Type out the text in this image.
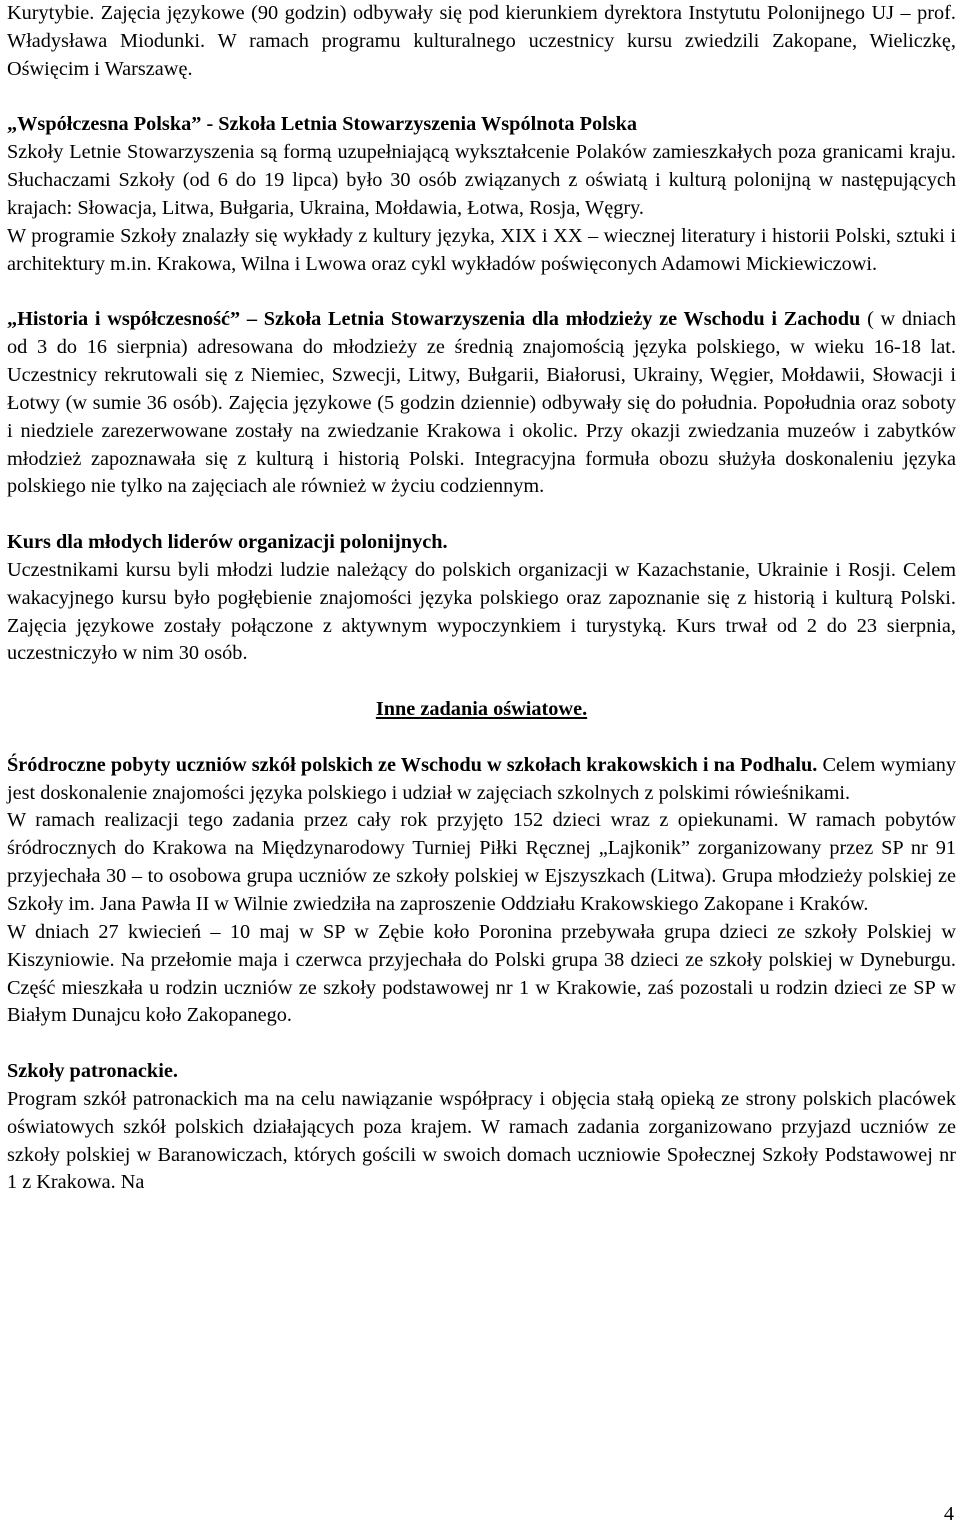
Kurytybie. Zajęcia językowe (90 godzin) odbywały się pod kierunkiem dyrektora Instytutu Polonijnego UJ – prof. Władysława Miodunki. W ramach programu kulturalnego uczestnicy kursu zwiedzili Zakopane, Wieliczkę, Oświęcim i Warszawę.

„Współczesna Polska” - Szkoła Letnia Stowarzyszenia Wspólnota Polska

Szkoły Letnie Stowarzyszenia są formą uzupełniającą wykształcenie Polaków zamieszkałych poza granicami kraju. Słuchaczami Szkoły (od 6 do 19 lipca) było 30 osób związanych z oświatą i kulturą polonijną w następujących krajach: Słowacja, Litwa, Bułgaria, Ukraina, Mołdawia, Łotwa, Rosja, Węgry.

W programie Szkoły znalazły się wykłady z kultury języka, XIX i XX – wiecznej literatury i historii Polski, sztuki i architektury m.in. Krakowa, Wilna i Lwowa oraz cykl wykładów poświęconych Adamowi Mickiewiczowi.

„Historia i współczesność” – Szkoła Letnia Stowarzyszenia dla młodzieży ze Wschodu i Zachodu ( w dniach od 3 do 16 sierpnia) adresowana do młodzieży ze średnią znajomością języka polskiego, w wieku 16-18 lat. Uczestnicy rekrutowali się z Niemiec, Szwecji, Litwy, Bułgarii, Białorusi, Ukrainy, Węgier, Mołdawii, Słowacji i Łotwy (w sumie 36 osób). Zajęcia językowe (5 godzin dziennie) odbywały się do południa. Popołudnia oraz soboty i niedziele zarezerwowane zostały na zwiedzanie Krakowa i okolic. Przy okazji zwiedzania muzeów i zabytków młodzież zapoznawała się z kulturą i historią Polski. Integracyjna formuła obozu służyła doskonaleniu języka polskiego nie tylko na zajęciach ale również w życiu codziennym.

Kurs dla młodych liderów organizacji polonijnych.

Uczestnikami kursu byli młodzi ludzie należący do polskich organizacji w Kazachstanie, Ukrainie i Rosji. Celem wakacyjnego kursu było pogłębienie znajomości języka polskiego oraz zapoznanie się z historią i kulturą Polski. Zajęcia językowe zostały połączone z aktywnym wypoczynkiem i turystyką. Kurs trwał od 2 do 23 sierpnia, uczestniczyło w nim 30 osób.

Inne zadania oświatowe.

Śródroczne pobyty uczniów szkół polskich ze Wschodu w szkołach krakowskich i na Podhalu. Celem wymiany jest doskonalenie znajomości języka polskiego i udział w zajęciach szkolnych z polskimi rówieśnikami.

W ramach realizacji tego zadania przez cały rok przyjęto 152 dzieci wraz z opiekunami. W ramach pobytów śródrocznych do Krakowa na Międzynarodowy Turniej Piłki Ręcznej „Lajkonik” zorganizowany przez SP nr 91 przyjechała 30 – to osobowa grupa uczniów ze szkoły polskiej w Ejszyszkach (Litwa). Grupa młodzieży polskiej ze Szkoły im. Jana Pawła II w Wilnie zwiedziła na zaproszenie Oddziału Krakowskiego Zakopane i Kraków.

W dniach 27 kwiecień – 10 maj w SP w Zębie koło Poronina przebywała grupa dzieci ze szkoły Polskiej w Kiszyniowie. Na przełomie maja i czerwca przyjechała do Polski grupa 38 dzieci ze szkoły polskiej w Dyneburgu. Część mieszkała u rodzin uczniów ze szkoły podstawowej nr 1 w Krakowie, zaś pozostali u rodzin dzieci ze SP w Białym Dunajcu koło Zakopanego.

Szkoły patronackie.

Program szkół patronackich ma na celu nawiązanie współpracy i objęcia stałą opieką ze strony polskich placówek oświatowych szkół polskich działających poza krajem. W ramach zadania zorganizowano przyjazd uczniów ze szkoły polskiej w Baranowiczach, których gościli w swoich domach uczniowie Społecznej Szkoły Podstawowej nr 1 z Krakowa. Na

4
